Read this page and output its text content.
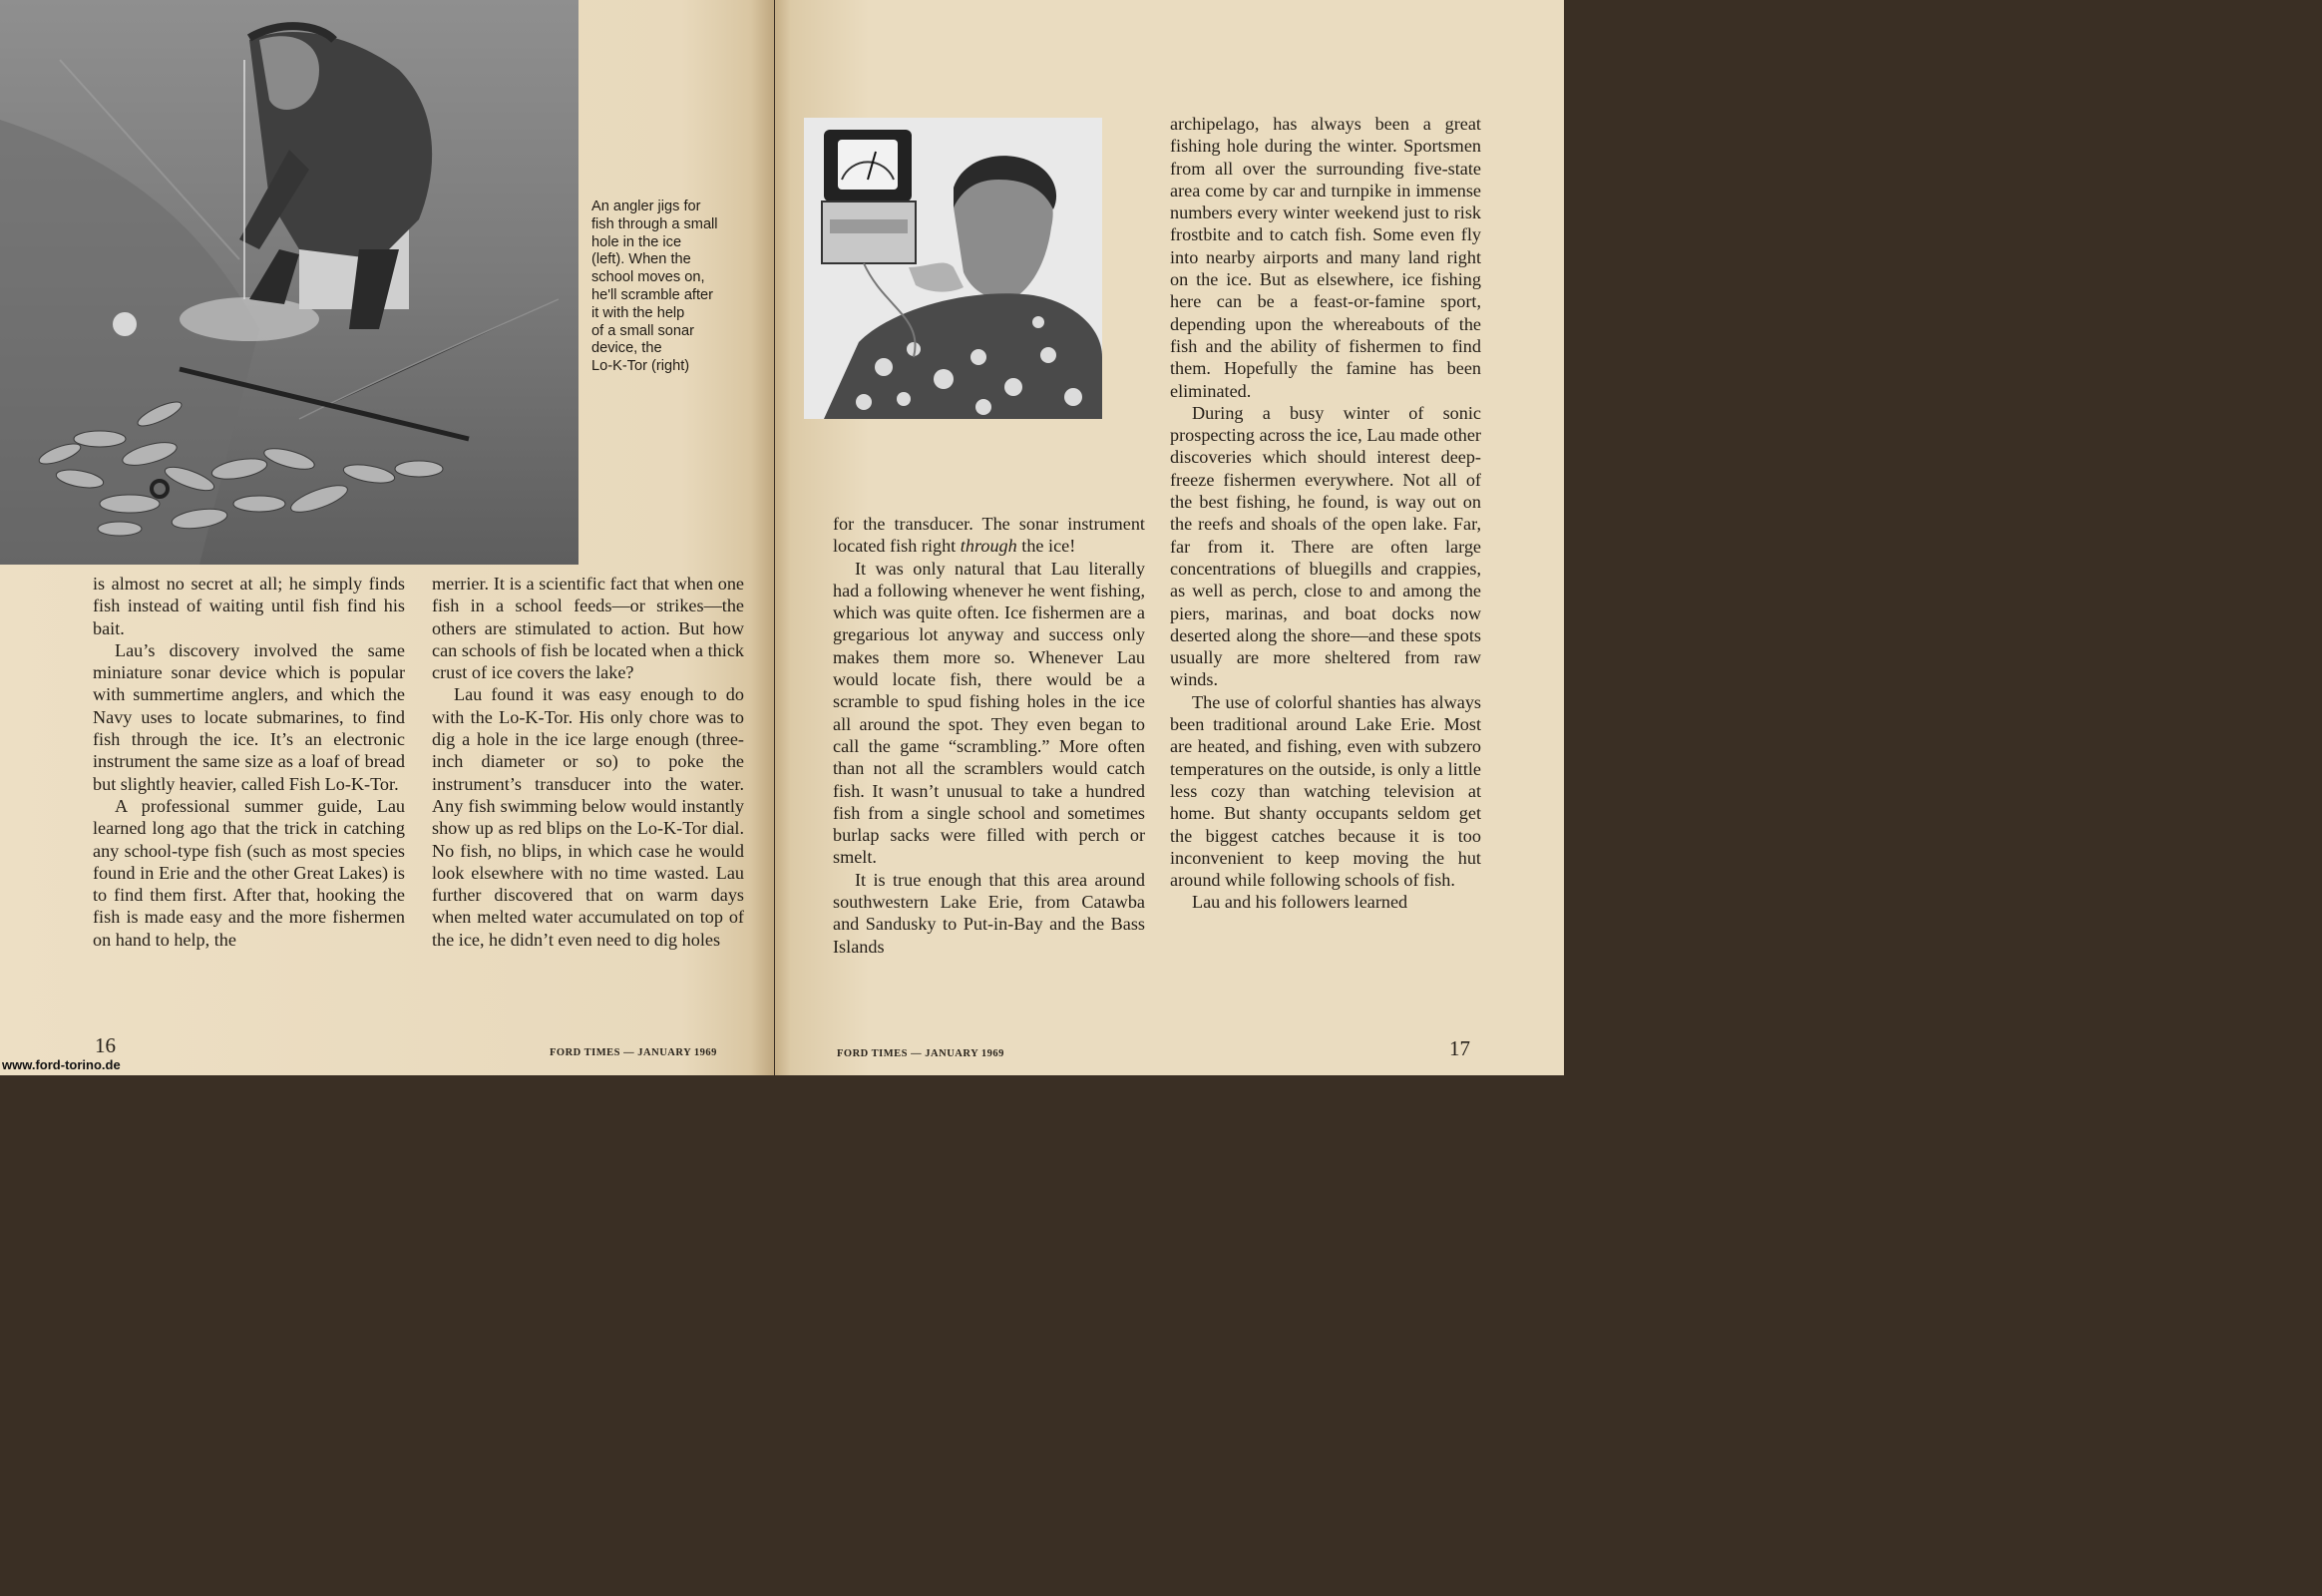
An angler jigs for
fish through a small
hole in the ice
(left). When the
school moves on,
he'll scramble after
it with the help
of a small sonar
device, the
Lo-K-Tor (right)

is almost no secret at all; he simply finds fish instead of waiting until fish find his bait.

Lau’s discovery involved the same miniature sonar device which is popular with summertime anglers, and which the Navy uses to locate submarines, to find fish through the ice. It’s an electronic instrument the same size as a loaf of bread but slightly heavier, called Fish Lo-K-Tor.

A professional summer guide, Lau learned long ago that the trick in catching any school-type fish (such as most species found in Erie and the other Great Lakes) is to find them first. After that, hooking the fish is made easy and the more fishermen on hand to help, the

merrier. It is a scientific fact that when one fish in a school feeds—or strikes—the others are stimulated to action. But how can schools of fish be located when a thick crust of ice covers the lake?

Lau found it was easy enough to do with the Lo-K-Tor. His only chore was to dig a hole in the ice large enough (three-inch diameter or so) to poke the instrument’s transducer into the water. Any fish swimming below would instantly show up as red blips on the Lo-K-Tor dial. No fish, no blips, in which case he would look elsewhere with no time wasted. Lau further discovered that on warm days when melted water accumulated on top of the ice, he didn’t even need to dig holes

16	FORD TIMES — JANUARY 1969
www.ford-torino.de

for the transducer. The sonar instrument located fish right through the ice!

It was only natural that Lau literally had a following whenever he went fishing, which was quite often. Ice fishermen are a gregarious lot anyway and success only makes them more so. Whenever Lau would locate fish, there would be a scramble to spud fishing holes in the ice all around the spot. They even began to call the game “scrambling.” More often than not all the scramblers would catch fish. It wasn’t unusual to take a hundred fish from a single school and sometimes burlap sacks were filled with perch or smelt.

It is true enough that this area around southwestern Lake Erie, from Catawba and Sandusky to Put-in-Bay and the Bass Islands

archipelago, has always been a great fishing hole during the winter. Sportsmen from all over the surrounding five-state area come by car and turnpike in immense numbers every winter weekend just to risk frostbite and to catch fish. Some even fly into nearby airports and many land right on the ice. But as elsewhere, ice fishing here can be a feast-or-famine sport, depending upon the whereabouts of the fish and the ability of fishermen to find them. Hopefully the famine has been eliminated.

During a busy winter of sonic prospecting across the ice, Lau made other discoveries which should interest deep-freeze fishermen everywhere. Not all of the best fishing, he found, is way out on the reefs and shoals of the open lake. Far, far from it. There are often large concentrations of bluegills and crappies, as well as perch, close to and among the piers, marinas, and boat docks now deserted along the shore—and these spots usually are more sheltered from raw winds.

The use of colorful shanties has always been traditional around Lake Erie. Most are heated, and fishing, even with subzero temperatures on the outside, is only a little less cozy than watching television at home. But shanty occupants seldom get the biggest catches because it is too inconvenient to keep moving the hut around while following schools of fish.

Lau and his followers learned

FORD TIMES — JANUARY 1969	17
